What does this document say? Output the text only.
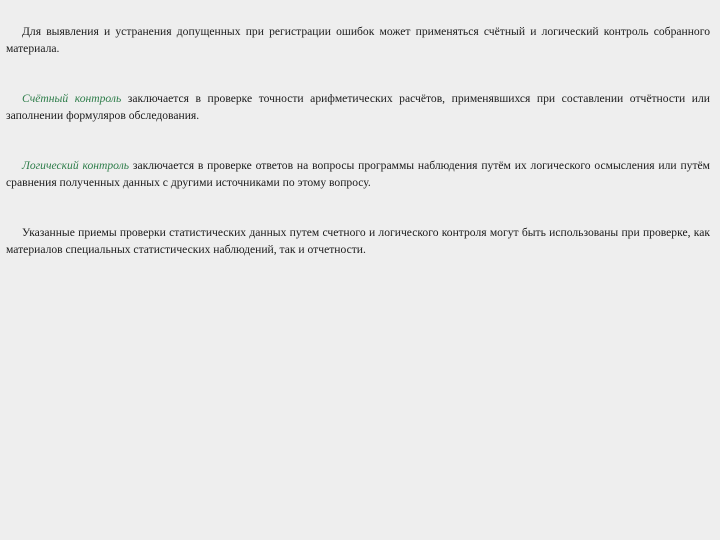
Для выявления и устранения допущенных при регистрации ошибок может применяться счётный и логический контроль собранного материала.

Счётный контроль заключается в проверке точности арифметических расчётов, применявшихся при составлении отчётности или заполнении формуляров обследования.

Логический контроль заключается в проверке ответов на вопросы программы наблюдения путём их логического осмысления или путём сравнения полученных данных с другими источниками по этому вопросу.

Указанные приемы проверки статистических данных путем счетного и логического контроля могут быть использованы при проверке, как материалов специальных статистических наблюдений, так и отчетности.
